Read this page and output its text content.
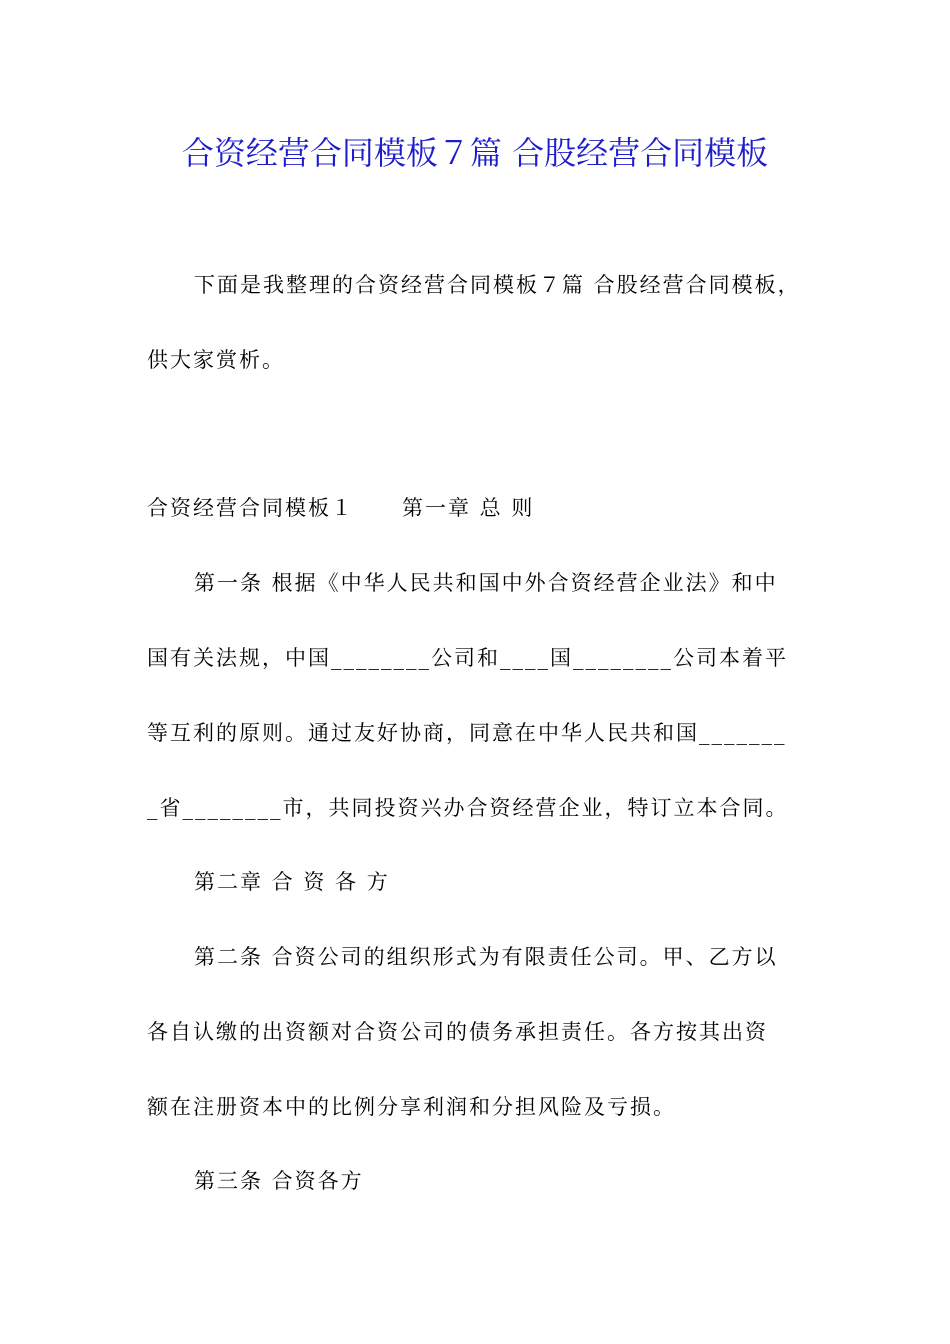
合资经营合同模板７篇 合股经营合同模板
下面是我整理的合资经营合同模板７篇 合股经营合同模板，
供大家赏析。
合资经营合同模板１ 第一章 总 则
第一条 根据《中华人民共和国中外合资经营企业法》和中
国有关法规，中国________公司和____国________公司本着平
等互利的原则。通过友好协商，同意在中华人民共和国_______
_省________市，共同投资兴办合资经营企业，特订立本合同。
第二章 合 资 各 方
第二条 合资公司的组织形式为有限责任公司。甲、乙方以
各自认缴的出资额对合资公司的债务承担责任。各方按其出资
额在注册资本中的比例分享利润和分担风险及亏损。
第三条 合资各方
